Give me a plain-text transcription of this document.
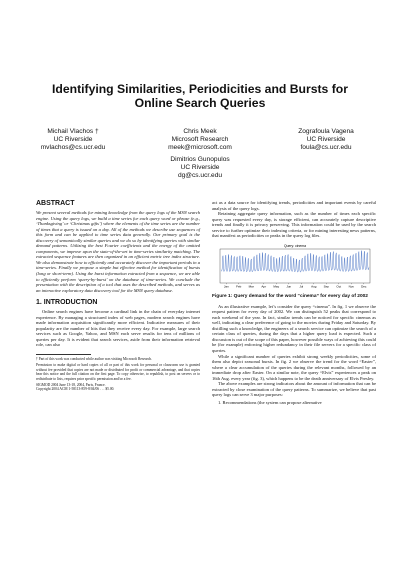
Identifying Similarities, Periodicities and Bursts for Online Search Queries
Michail Vlachos †
UC Riverside
mvlachos@cs.ucr.edu
Chris Meek
Microsoft Research
meek@microsoft.com
Zografoula Vagena
UC Riverside
foula@cs.ucr.edu
Dimitrios Gunopulos
UC Riverside
dg@cs.ucr.edu
ABSTRACT

We present several methods for mining knowledge from the query logs of the MSN search engine. Using the query logs, we build a time series for each query word or phrase (e.g., ‘Thanksgiving’ or ‘Christmas gifts’) where the elements of the time series are the number of times that a query is issued on a day. All of the methods we describe use sequences of this form and can be applied to time series data generally. Our primary goal is the discovery of semantically similar queries and we do so by identifying queries with similar demand patterns. Utilizing the best Fourier coefficients and the energy of the omitted components, we improve upon the state-of-the-art in time-series similarity matching. The extracted sequence features are then organized in an efficient metric tree index structure. We also demonstrate how to efficiently and accurately discover the important periods in a time-series. Finally we propose a simple but effective method for identification of bursts (long or short-term). Using the burst information extracted from a sequence, we are able to efficiently perform ‘query-by-burst’ on the database of time-series. We conclude the presentation with the description of a tool that uses the described methods, and serves as an interactive exploratory data discovery tool for the MSN query database.

1. INTRODUCTION

Online search engines have become a cardinal link in the chain of everyday internet experience. By managing a structured index of web pages, modern search engines have made information acquisition significantly more efficient. Indicative measures of their popularity are the number of hits that they receive every day. For example, large search services such as Google, Yahoo, and MSN each serve results for tens of millions of queries per day. It is evident that search services, aside from their information retrieval role, can also

† Part of this work was conducted while author was visiting Microsoft Research.

Permission to make digital or hard copies of all or part of this work for personal or classroom use is granted without fee provided that copies are not made or distributed for profit or commercial advantage, and that copies bear this notice and the full citation on the first page. To copy otherwise, to republish, to post on servers or to redistribute to lists, requires prior specific permission and/or a fee.

SIGMOD 2004 June 13-18, 2004, Paris, France.

Copyright 2004 ACM 1-58113-859-8/04/06 . . . $5.00.

act as a data source for identifying trends, periodicities and important events by careful analysis of the query logs.

Retaining aggregate query information, such as the number of times each specific query was requested every day, is storage efficient, can accurately capture descriptive trends and finally it is privacy preserving. This information could be used by the search service to further optimize their indexing criteria, or for mining interesting news patterns, that manifest as periodicities or peaks in the query log files.

Query: cinema
Jan Feb Mar	Apr May Jun	Jul	Aug Sep Oct Nov Dec
Figure 1: Query demand for the word “cinema” for every day of 2002

As an illustrative example, let’s consider the query “cinema”. In fig. 1 we observe the request pattern for every day of 2002. We can distinguish 52 peaks that correspond to each weekend of the year. In fact, similar trends can be noticed for specific cinemas as well, indicating a clear preference of going to the movies during Friday and Saturday. By distilling such a knowledge, the engineers of a search service can optimize the search of a certain class of queries, during the days that a higher query load is expected. Such a discussion is out of the scope of this paper, however possible ways of achieving this could be (for example) enforcing higher redundancy in their file servers for a specific class of queries.

While a significant number of queries exhibit strong weekly periodicities, some of them also depict seasonal bursts. In fig. 2 we observe the trend for the word “Easter”, where a clear accumulation of the queries during the relevant months, followed by an immediate drop after Easter. On a similar note, the query “Elvis” experiences a peak on 16th Aug. every year (fig. 3), which happens to be the death anniversary of Elvis Presley.

The above examples are strong indicators about the amount of information that can be extracted by close examination of the query patterns. To summarize, we believe that past query logs can serve 3 major purposes:

1. Recommendations (the system can propose alternative
